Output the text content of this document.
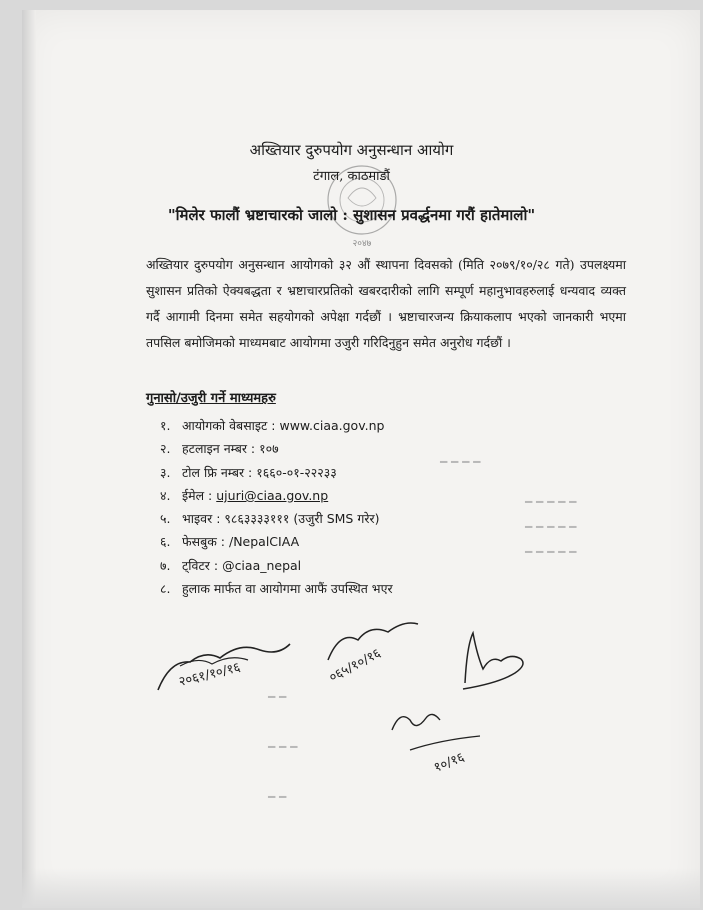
━ ━ ━ ━
━ ━ ━ ━ ━
━ ━ ━ ━ ━
━ ━ ━ ━ ━
━ ━
━ ━ ━
━ ━
२०४७
अख्तियार दुरुपयोग अनुसन्धान आयोग
टंगाल, काठमाडौं
"मिलेर फालौं भ्रष्टाचारको जालो : सुशासन प्रवर्द्धनमा गरौं हातेमालो"
अख्तियार दुरुपयोग अनुसन्धान आयोगको ३२ औं स्थापना दिवसको (मिति २०७९/१०/२८ गते) उपलक्ष्यमा सुशासन प्रतिको ऐक्यबद्धता र भ्रष्टाचारप्रतिको खबरदारीको लागि सम्पूर्ण महानुभावहरुलाई धन्यवाद व्यक्त गर्दै आगामी दिनमा समेत सहयोगको अपेक्षा गर्दछौं । भ्रष्टाचारजन्य क्रियाकलाप भएको जानकारी भएमा तपसिल बमोजिमको माध्यमबाट आयोगमा उजुरी गरिदिनुहुन समेत अनुरोध गर्दछौं ।
गुनासो/उजुरी गर्ने माध्यमहरु
१. आयोगको वेबसाइट : www.ciaa.gov.np
२. हटलाइन नम्बर : १०७
३. टोल फ्रि नम्बर : १६६०-०१-२२२३३
४. ईमेल : ujuri@ciaa.gov.np
५. भाइवर : ९८६३३३३१११ (उजुरी SMS गरेर)
६. फेसबुक : /NepalCIAA
७. ट्विटर : @ciaa_nepal
८. हुलाक मार्फत वा आयोगमा आफैं उपस्थित भएर
२०६१/१०/१६	०६५/१०/१६
१०/१६
